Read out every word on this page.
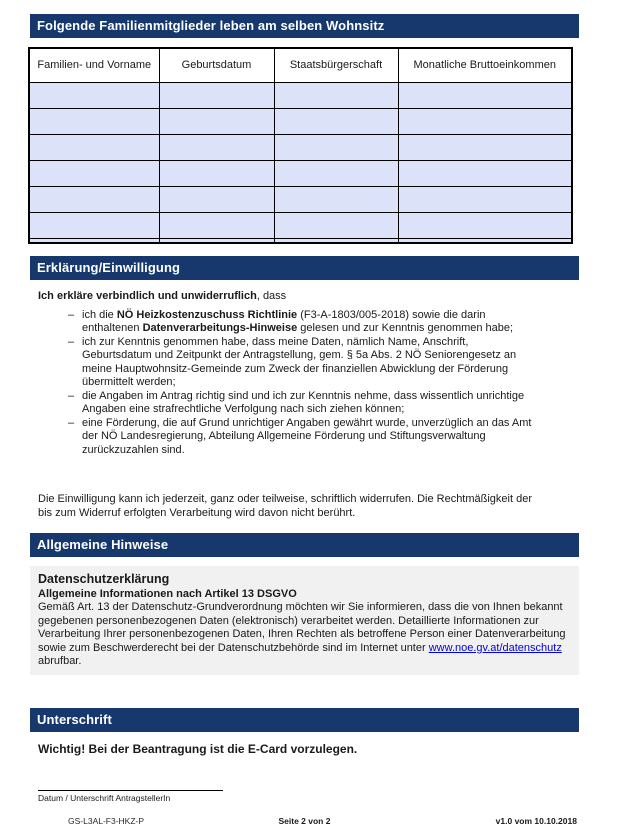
Folgende Familienmitglieder leben am selben Wohnsitz
Familien- und Vorname	Geburtsdatum	Staatsbürgerschaft	Monatliche Bruttoeinkommen

Erklärung/Einwilligung

Ich erkläre verbindlich und unwiderruflich, dass

– ich die NÖ Heizkostenzuschuss Richtlinie (F3-A-1803/005-2018) sowie die darin enthaltenen Datenverarbeitungs-Hinweise gelesen und zur Kenntnis genommen habe;
– ich zur Kenntnis genommen habe, dass meine Daten, nämlich Name, Anschrift, Geburtsdatum und Zeitpunkt der Antragstellung, gem. § 5a Abs. 2 NÖ Seniorengesetz an meine Hauptwohnsitz-Gemeinde zum Zweck der finanziellen Abwicklung der Förderung übermittelt werden;
– die Angaben im Antrag richtig sind und ich zur Kenntnis nehme, dass wissentlich unrichtige Angaben eine strafrechtliche Verfolgung nach sich ziehen können;
– eine Förderung, die auf Grund unrichtiger Angaben gewährt wurde, unverzüglich an das Amt der NÖ Landesregierung, Abteilung Allgemeine Förderung und Stiftungsverwaltung zurückzuzahlen sind.

Die Einwilligung kann ich jederzeit, ganz oder teilweise, schriftlich widerrufen. Die Rechtmäßigkeit der bis zum Widerruf erfolgten Verarbeitung wird davon nicht berührt.

Allgemeine Hinweise
Datenschutzerklärung
Allgemeine Informationen nach Artikel 13 DSGVO
Gemäß Art. 13 der Datenschutz-Grundverordnung möchten wir Sie informieren, dass die von Ihnen bekannt gegebenen personenbezogenen Daten (elektronisch) verarbeitet werden. Detaillierte Informationen zur Verarbeitung Ihrer personenbezogenen Daten, Ihren Rechten als betroffene Person einer Datenverarbeitung sowie zum Beschwerderecht bei der Datenschutzbehörde sind im Internet unter www.noe.gv.at/datenschutz abrufbar.
Unterschrift

Wichtig! Bei der Beantragung ist die E-Card vorzulegen.

Datum / Unterschrift AntragstellerIn
GS-L3AL-F3-HKZ-P	Seite 2 von 2	v1.0 vom 10.10.2018
